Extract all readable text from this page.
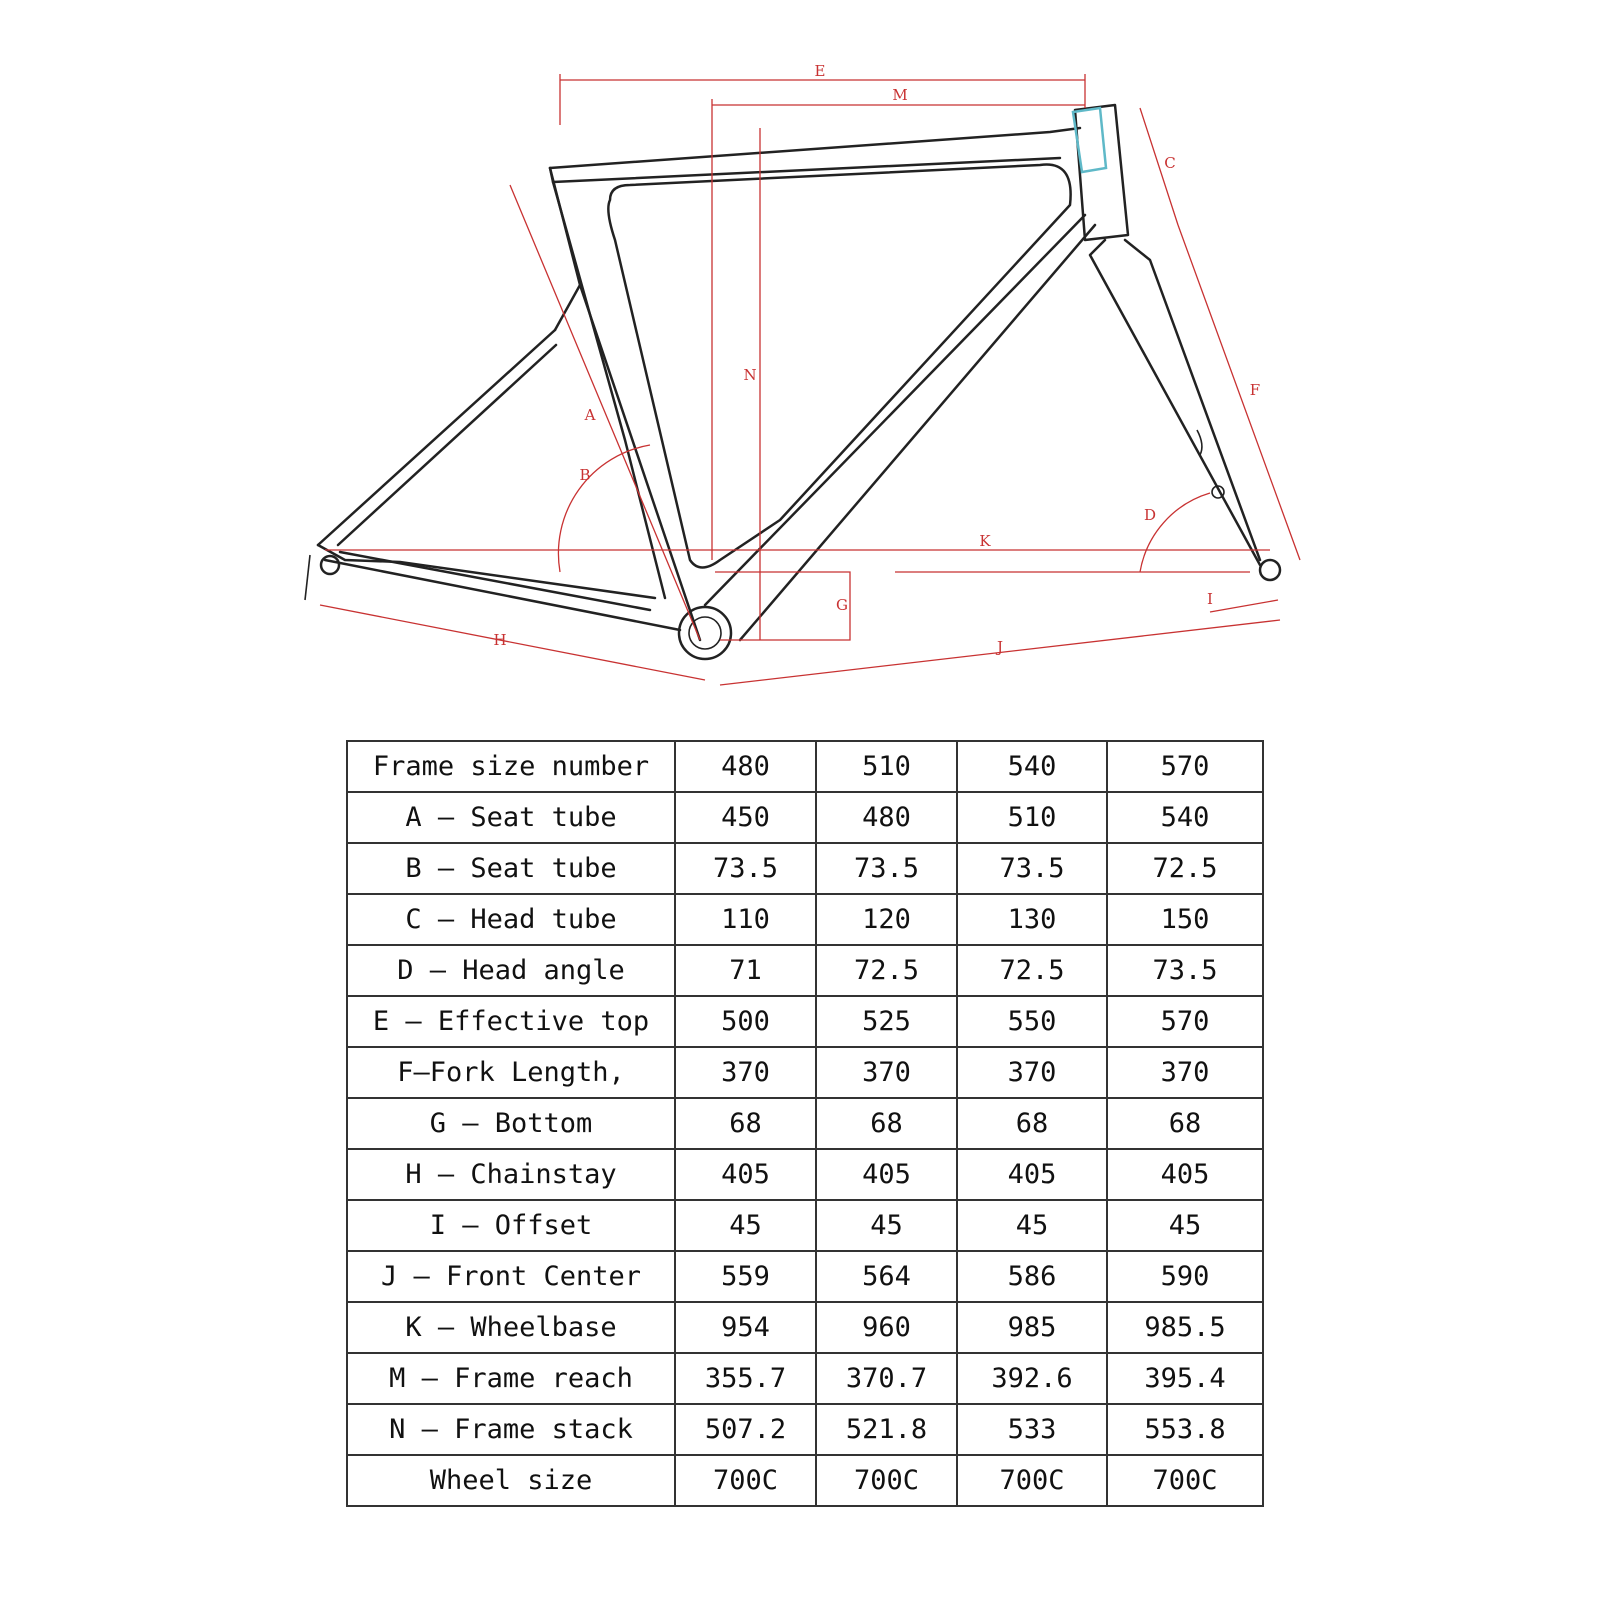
E
M
C
N
A
B
F
D
K
G
H
I
J
Frame size number	480	510	540	570
A — Seat tube	450	480	510	540
B — Seat tube	73.5	73.5	73.5	72.5
C — Head tube	110	120	130	150
D — Head angle	71	72.5	72.5	73.5
E — Effective top	500	525	550	570
F—Fork Length,	370	370	370	370
G — Bottom	68	68	68	68
H — Chainstay	405	405	405	405
I — Offset	45	45	45	45
J — Front Center	559	564	586	590
K — Wheelbase	954	960	985	985.5
M — Frame reach	355.7	370.7	392.6	395.4
N — Frame stack	507.2	521.8	533	553.8
Wheel size	700C	700C	700C	700C
